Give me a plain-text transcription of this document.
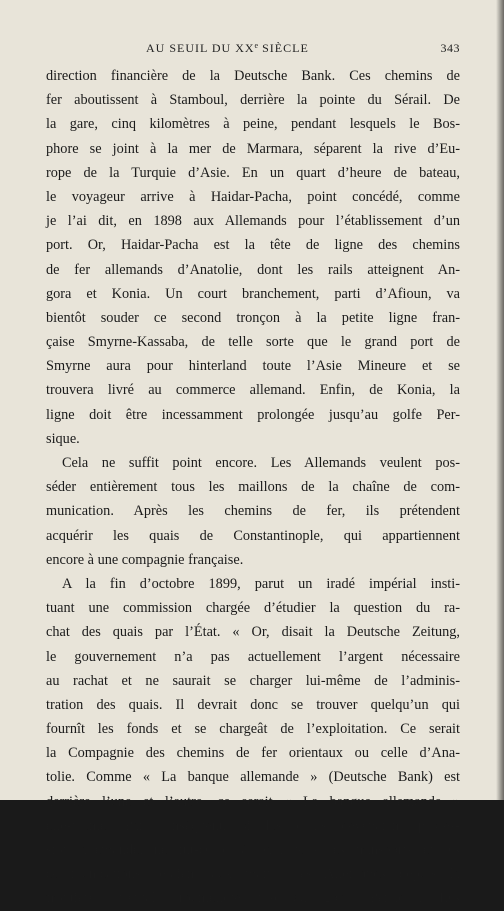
AU SEUIL DU XXe SIÈCLE	343
direction financière de la Deutsche Bank. Ces chemins de
fer aboutissent à Stamboul, derrière la pointe du Sérail. De
la gare, cinq kilomètres à peine, pendant lesquels le Bos-
phore se joint à la mer de Marmara, séparent la rive d’Eu-
rope de la Turquie d’Asie. En un quart d’heure de bateau,
le voyageur arrive à Haidar-Pacha, point concédé, comme
je l’ai dit, en 1898 aux Allemands pour l’établissement d’un
port. Or, Haidar-Pacha est la tête de ligne des chemins
de fer allemands d’Anatolie, dont les rails atteignent An-
gora et Konia. Un court branchement, parti d’Afioun, va
bientôt souder ce second tronçon à la petite ligne fran-
çaise Smyrne-Kassaba, de telle sorte que le grand port de
Smyrne aura pour hinterland toute l’Asie Mineure et se
trouvera livré au commerce allemand. Enfin, de Konia, la
ligne doit être incessamment prolongée jusqu’au golfe Per-
sique.
Cela ne suffit point encore. Les Allemands veulent pos-
séder entièrement tous les maillons de la chaîne de com-
munication. Après les chemins de fer, ils prétendent
acquérir les quais de Constantinople, qui appartiennent
encore à une compagnie française.
A la fin d’octobre 1899, parut un iradé impérial insti-
tuant une commission chargée d’étudier la question du ra-
chat des quais par l’État. « Or, disait la Deutsche Zeitung,
le gouvernement n’a pas actuellement l’argent nécessaire
au rachat et ne saurait se charger lui-même de l’adminis-
tration des quais. Il devrait donc se trouver quelqu’un qui
fournît les fonds et se chargeât de l’exploitation. Ce serait
la Compagnie des chemins de fer orientaux ou celle d’Ana-
tolie. Comme « La banque allemande » (Deutsche Bank) est
derrière l’une et l’autre, ce serait « La banque allemande »
elle-même. Par conséquent, si les quais devenaient posses-
sion allemande, ne fût-ce qu’à bail, tous les transports et les
communications seraient aux mains des Allemands depuis la
frontière orientale rouméliote jusqu’au golfe Persique. Les
